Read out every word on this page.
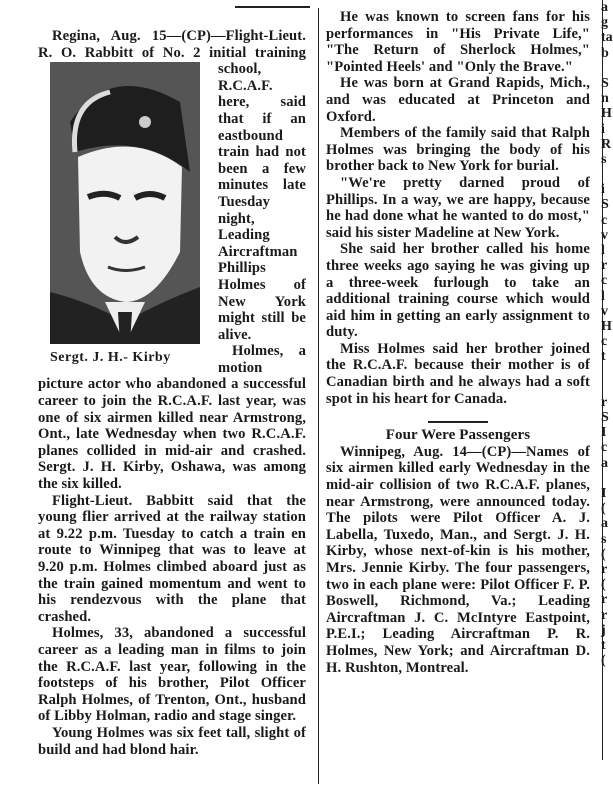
Sergt. J. H.- Kirby

Regina, Aug. 15—(CP)—Flight-Lieut. R. O. Rabbitt of No. 2 initial training school, R.C.A.F. here, said that if an eastbound train had not been a few minutes late Tuesday night, Leading Aircraftman Phillips Holmes of New York might still be alive.

Holmes, a motion picture actor who abandoned a successful career to join the R.C.A.F. last year, was one of six airmen killed near Armstrong, Ont., late Wednesday when two R.C.A.F. planes collided in mid-air and crashed. Sergt. J. H. Kirby, Oshawa, was among the six killed.

Flight-Lieut. Babbitt said that the young flier arrived at the railway station at 9.22 p.m. Tuesday to catch a train en route to Winnipeg that was to leave at 9.20 p.m. Holmes climbed aboard just as the train gained momentum and went to his rendezvous with the plane that crashed.

Holmes, 33, abandoned a successful career as a leading man in films to join the R.C.A.F. last year, following in the footsteps of his brother, Pilot Officer Ralph Holmes, of Trenton, Ont., husband of Libby Holman, radio and stage singer.

Young Holmes was six feet tall, slight of build and had blond hair.

He was known to screen fans for his performances in "His Private Life," "The Return of Sherlock Holmes," "Pointed Heels' and "Only the Brave."

He was born at Grand Rapids, Mich., and was educated at Princeton and Oxford.

Members of the family said that Ralph Holmes was bringing the body of his brother back to New York for burial.

"We're pretty darned proud of Phillips. In a way, we are happy, because he had done what he wanted to do most," said his sister Madeline at New York.

She said her brother called his home three weeks ago saying he was giving up a three-week furlough to take an additional training course which would aid him in getting an early assignment to duty.

Miss Holmes said her brother joined the R.C.A.F. because their mother is of Canadian birth and he always had a soft spot in his heart for Canada.

Four Were Passengers

Winnipeg, Aug. 14—(CP)—Names of six airmen killed early Wednesday in the mid-air collision of two R.C.A.F. planes, near Armstrong, were announced today. The pilots were Pilot Officer A. J. Labella, Tuxedo, Man., and Sergt. J. H. Kirby, whose next-of-kin is his mother, Mrs. Jennie Kirby. The four passengers, two in each plane were: Pilot Officer F. P. Boswell, Richmond, Va.; Leading Aircraftman J. C. McIntyre Eastpoint, P.E.I.; Leading Aircraftman P. R. Holmes, New York; and Aircraftman D. H. Rushton, Montreal.

a
g
ta
b
S
n
H
i
R
s
i
S
c
v
l
r
c
l
v
H
c
t
r
S
I
c
a
I
(
a
s
(
r
(
r
r
j
t
(
